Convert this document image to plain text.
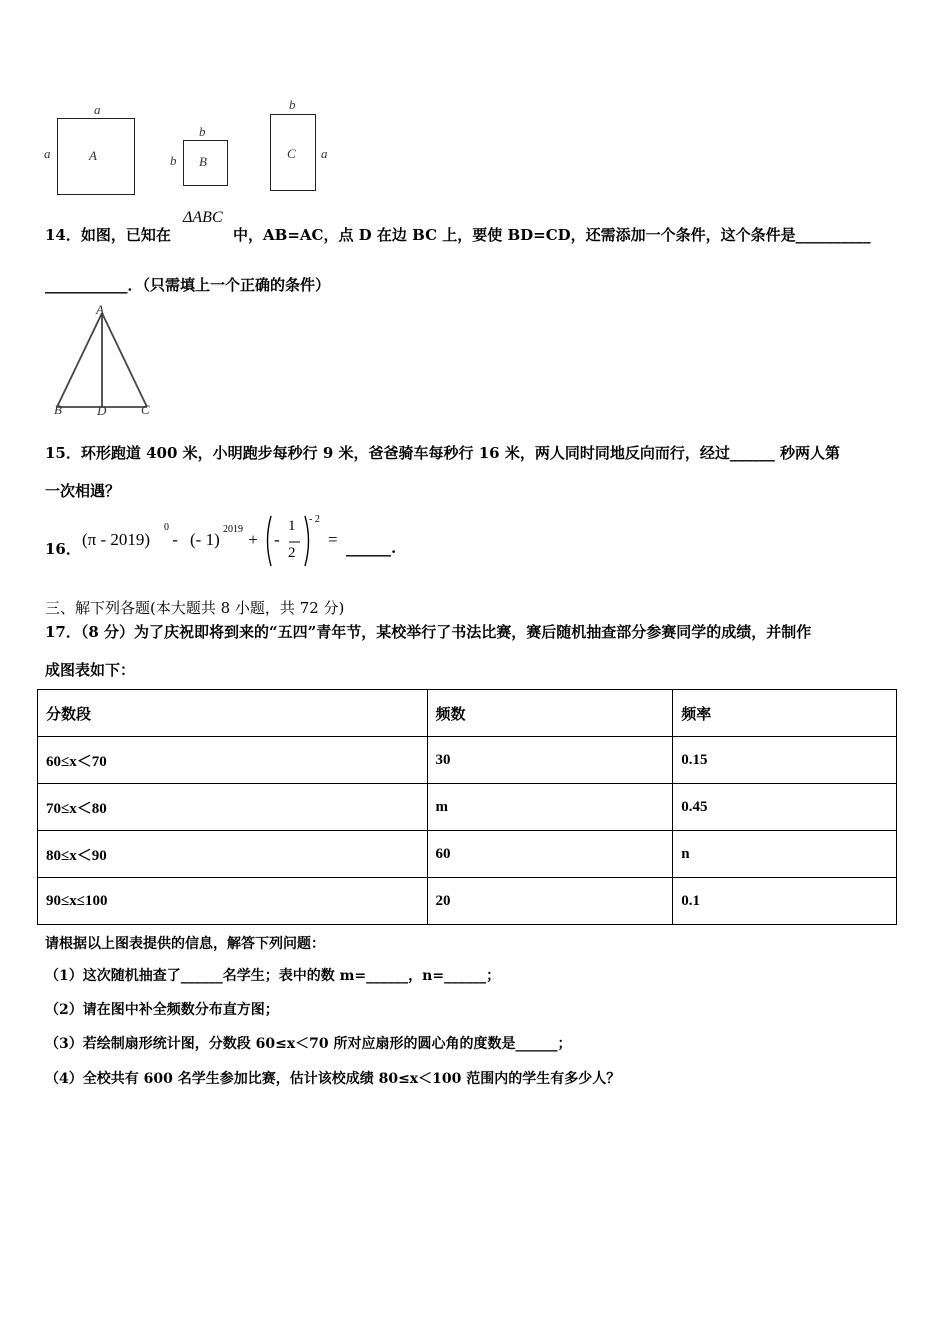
a
a	A
b
b B
b
a
C
14．如图，已知在
ΔABC
中，AB=AC，点 D 在边 BC 上，要使 BD=CD，还需添加一个条件，这个条件是__________
___________．（只需填上一个正确的条件）
A
B	D	C
15．环形跑道 400 米，小明跑步每秒行 9 米，爸爸骑车每秒行 16 米，两人同时同地反向而行，经过______ 秒两人第
一次相遇？
16． (π - 2019)
0
- (- 1)
2019
+ -
1
2
- 2
= ______.
三、解下列各题(本大题共 8 小题，共 72 分)
17．（8 分）为了庆祝即将到来的“五四”青年节，某校举行了书法比赛，赛后随机抽查部分参赛同学的成绩，并制作
成图表如下：
分数段	频数	频率
60≤x＜70	30	0.15
70≤x＜80	m	0.45
80≤x＜90	60	n
90≤x≤100	20	0.1
请根据以上图表提供的信息，解答下列问题：
（1）这次随机抽查了______名学生；表中的数 m=______，n=______；
（2）请在图中补全频数分布直方图；
（3）若绘制扇形统计图，分数段 60≤x＜70 所对应扇形的圆心角的度数是______；
（4）全校共有 600 名学生参加比赛，估计该校成绩 80≤x＜100 范围内的学生有多少人？
